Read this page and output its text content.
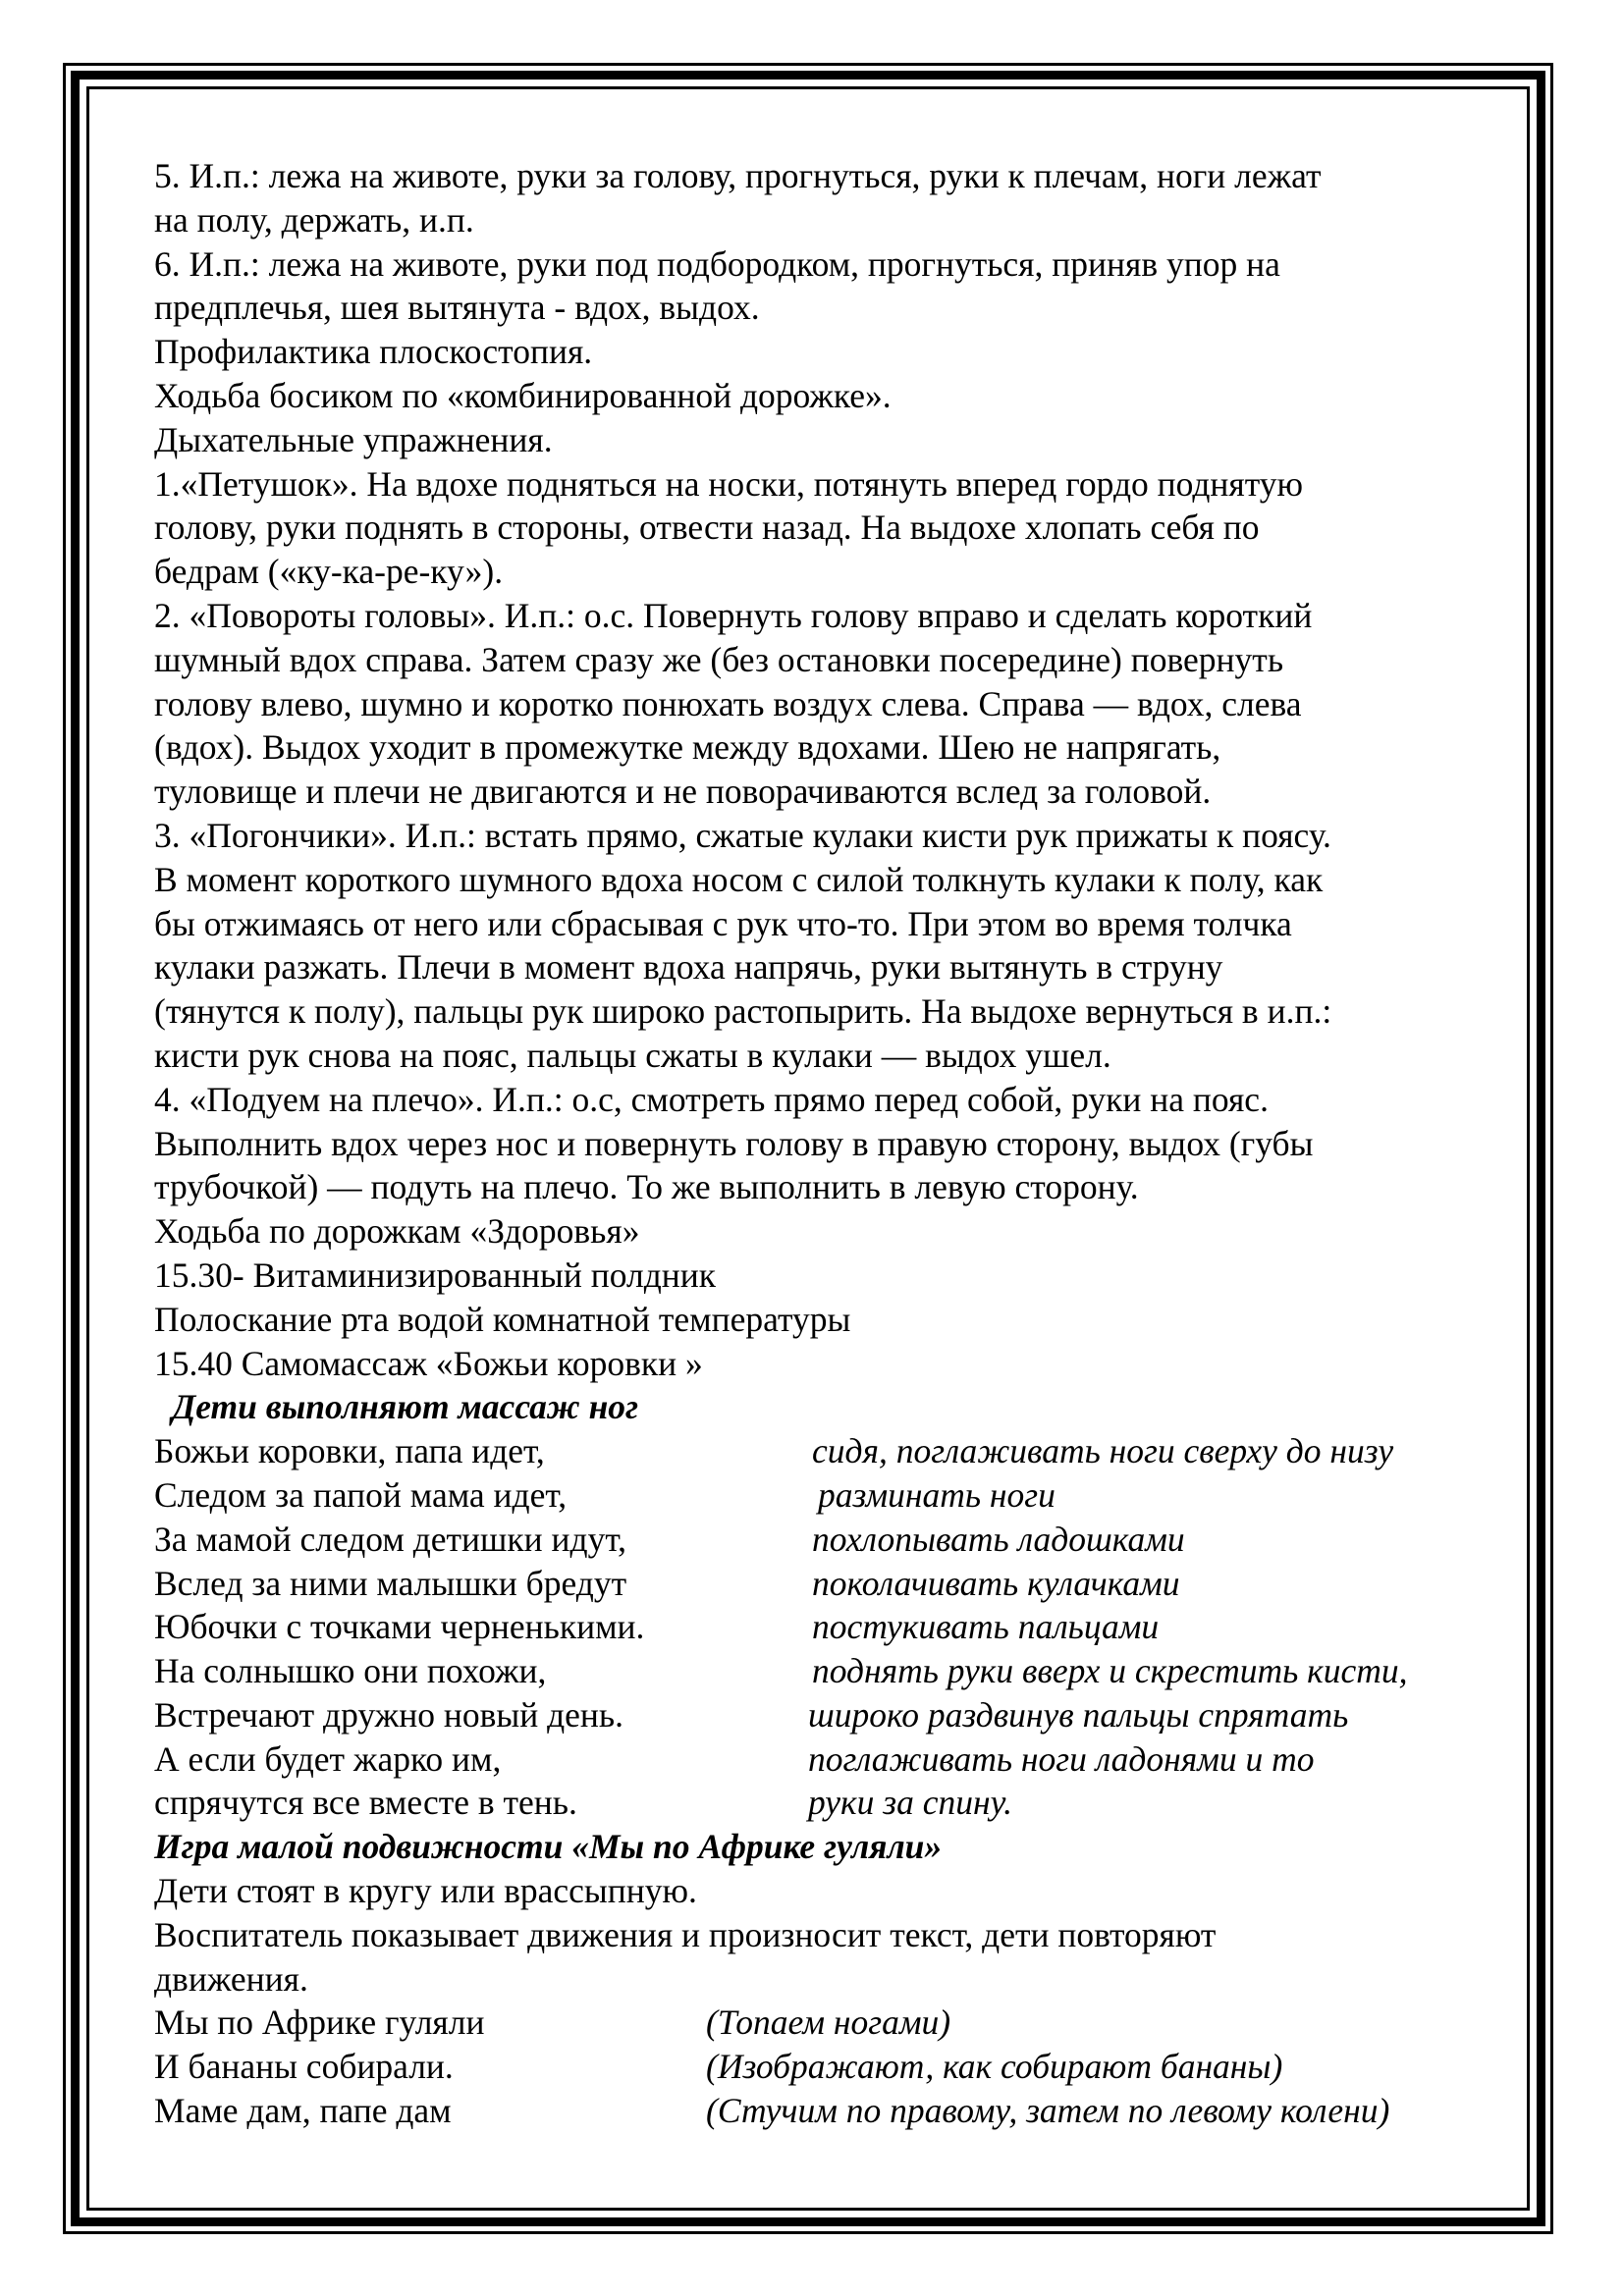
5. И.п.: лежа на животе, руки за голову, прогнуться, руки к плечам, ноги лежат
на полу, держать, и.п.
6. И.п.: лежа на животе, руки под подбородком, прогнуться, приняв упор на
предплечья, шея вытянута - вдох, выдох.
Профилактика плоскостопия.
Ходьба босиком по «комбинированной дорожке».
Дыхательные упражнения.
1.«Петушок». На вдохе подняться на носки, потянуть вперед гордо поднятую
голову, руки поднять в стороны, отвести назад. На выдохе хлопать себя по
бедрам («ку-ка-ре-ку»).
2. «Повороты головы». И.п.: о.с. Повернуть голову вправо и сделать короткий
шумный вдох справа. Затем сразу же (без остановки посередине) повернуть
голову влево, шумно и коротко понюхать воздух слева. Справа — вдох, слева
(вдох). Выдох уходит в промежутке между вдохами. Шею не напрягать,
туловище и плечи не двигаются и не поворачиваются вслед за головой.
3. «Погончики». И.п.: встать прямо, сжатые кулаки кисти рук прижаты к поясу.
В момент короткого шумного вдоха носом с силой толкнуть кулаки к полу, как
бы отжимаясь от него или сбрасывая с рук что-то. При этом во время толчка
кулаки разжать. Плечи в момент вдоха напрячь, руки вытянуть в струну
(тянутся к полу), пальцы рук широко растопырить. На выдохе вернуться в и.п.:
кисти рук снова на пояс, пальцы сжаты в кулаки — выдох ушел.
4. «Подуем на плечо». И.п.: о.с, смотреть прямо перед собой, руки на пояс.
Выполнить вдох через нос и повернуть голову в правую сторону, выдох (губы
трубочкой) — подуть на плечо. То же выполнить в левую сторону.
Ходьба по дорожкам «Здоровья»
15.30- Витаминизированный полдник
Полоскание рта водой комнатной температуры
15.40 Самомассаж «Божьи коровки »
Дети выполняют массаж ног
Божьи коровки, папа идет,	сидя, поглаживать ноги сверху до низу
Следом за папой мама идет,	разминать ноги
За мамой следом детишки идут,	похлопывать ладошками
Вслед за ними малышки бредут	поколачивать кулачками
Юбочки с точками черненькими.	постукивать пальцами
На солнышко они похожи,	поднять руки вверх и скрестить кисти,
Встречают дружно новый день.	широко раздвинув пальцы спрятать
А если будет жарко им,	поглаживать ноги ладонями и то
спрячутся все вместе в тень.	руки за спину.
Игра малой подвижности «Мы по Африке гуляли»
Дети стоят в кругу или врассыпную.
Воспитатель показывает движения и произносит текст, дети повторяют
движения.
Мы по Африке гуляли	(Топаем ногами)
И бананы собирали.	(Изображают, как собирают бананы)
Маме дам, папе дам	(Стучим по правому, затем по левому колени)
